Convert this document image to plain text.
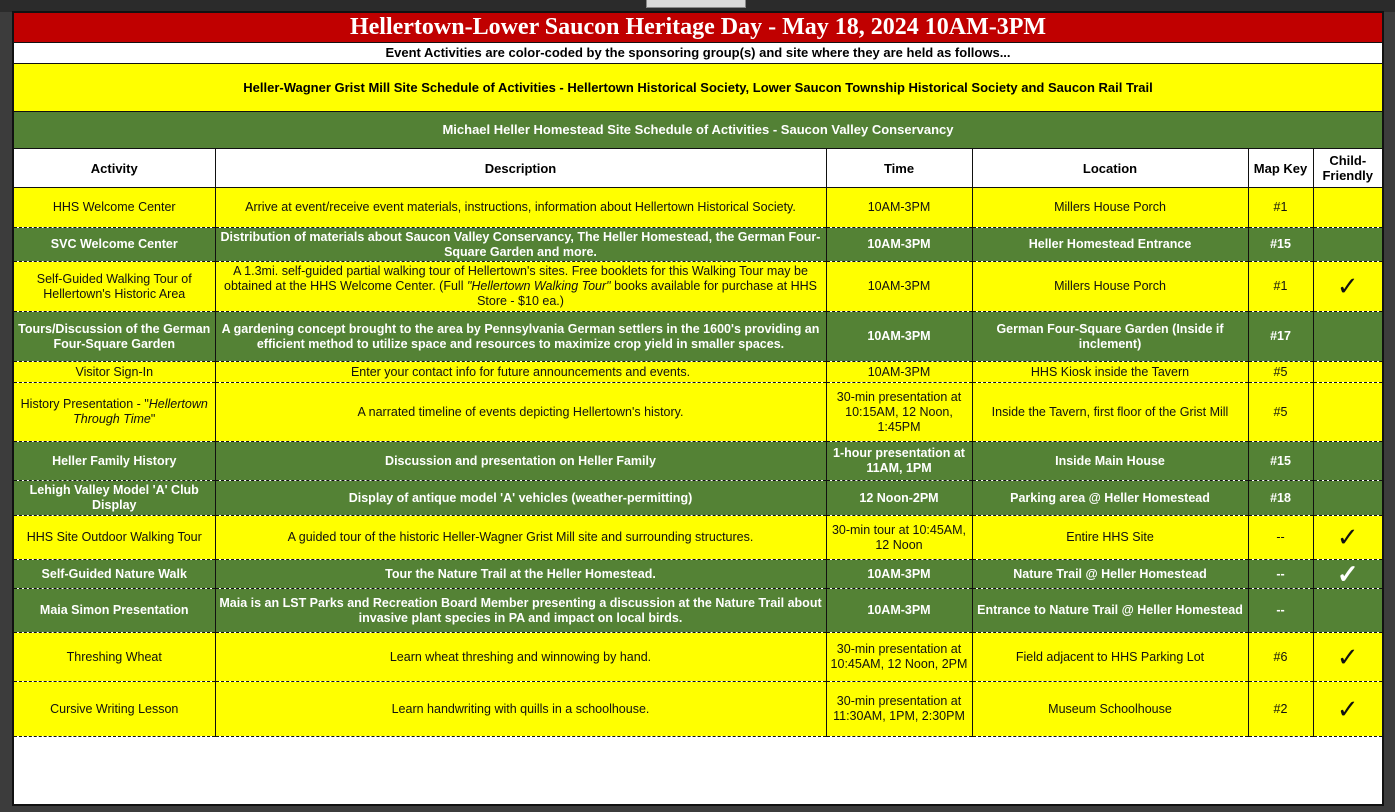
Hellertown-Lower Saucon Heritage Day - May 18, 2024 10AM-3PM
Event Activities are color-coded by the sponsoring group(s) and site where they are held as follows...
Heller-Wagner Grist Mill Site Schedule of Activities - Hellertown Historical Society, Lower Saucon Township Historical Society and Saucon Rail Trail
Michael Heller Homestead Site Schedule of Activities - Saucon Valley Conservancy
Activity	Description	Time	Location	Map Key	Child-Friendly
HHS Welcome Center	Arrive at event/receive event materials, instructions, information about Hellertown Historical Society.	10AM-3PM	Millers House Porch	#1	
SVC Welcome Center	Distribution of materials about Saucon Valley Conservancy, The Heller Homestead, the German Four-Square Garden and more.	10AM-3PM	Heller Homestead Entrance	#15	
Self-Guided Walking Tour of Hellertown's Historic Area	A 1.3mi. self-guided partial walking tour of Hellertown's sites. Free booklets for this Walking Tour may be obtained at the HHS Welcome Center. (Full "Hellertown Walking Tour" books available for purchase at HHS Store - $10 ea.)	10AM-3PM	Millers House Porch	#1	✓
Tours/Discussion of the German Four-Square Garden	A gardening concept brought to the area by Pennsylvania German settlers in the 1600's providing an efficient method to utilize space and resources to maximize crop yield in smaller spaces.	10AM-3PM	German Four-Square Garden (Inside if inclement)	#17	
Visitor Sign-In	Enter your contact info for future announcements and events.	10AM-3PM	HHS Kiosk inside the Tavern	#5	
History Presentation - "Hellertown Through Time"	A narrated timeline of events depicting Hellertown's history.	30-min presentation at 10:15AM, 12 Noon, 1:45PM	Inside the Tavern, first floor of the Grist Mill	#5	
Heller Family History	Discussion and presentation on Heller Family	1-hour presentation at 11AM, 1PM	Inside Main House	#15	
Lehigh Valley Model 'A' Club Display	Display of antique model 'A' vehicles (weather-permitting)	12 Noon-2PM	Parking area @ Heller Homestead	#18	
HHS Site Outdoor Walking Tour	A guided tour of the historic Heller-Wagner Grist Mill site and surrounding structures.	30-min tour at 10:45AM, 12 Noon	Entire HHS Site	--	✓
Self-Guided Nature Walk	Tour the Nature Trail at the Heller Homestead.	10AM-3PM	Nature Trail @ Heller Homestead	--	✓
Maia Simon Presentation	Maia is an LST Parks and Recreation Board Member presenting a discussion at the Nature Trail about invasive plant species in PA and impact on local birds.	10AM-3PM	Entrance to Nature Trail @ Heller Homestead	--	
Threshing Wheat	Learn wheat threshing and winnowing by hand.	30-min presentation at 10:45AM, 12 Noon, 2PM	Field adjacent to HHS Parking Lot	#6	✓
Cursive Writing Lesson	Learn handwriting with quills in a schoolhouse.	30-min presentation at 11:30AM, 1PM, 2:30PM	Museum Schoolhouse	#2	✓
